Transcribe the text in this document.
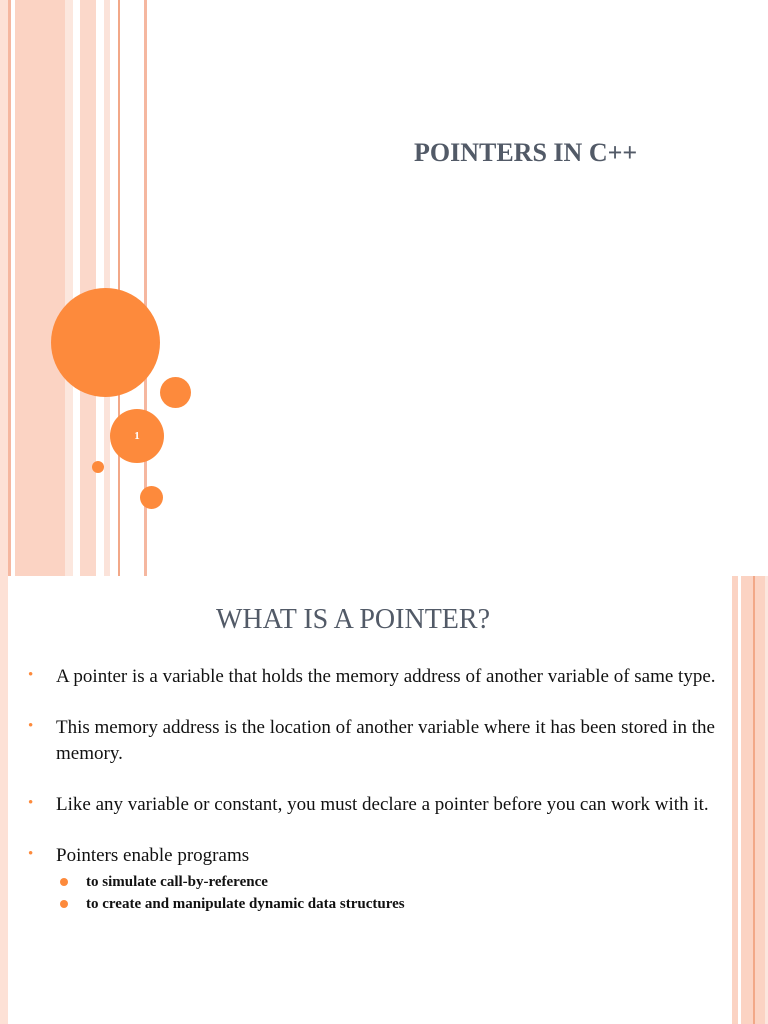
1
POINTERS IN C++
WHAT IS A POINTER?
• A pointer is a variable that holds the memory address of another variable of same type.
• This memory address is the location of another variable where it has been stored in the memory.
• Like any variable or constant, you must declare a pointer before you can work with it.
• Pointers enable programs
to simulate call-by-reference
to create and manipulate dynamic data structures
